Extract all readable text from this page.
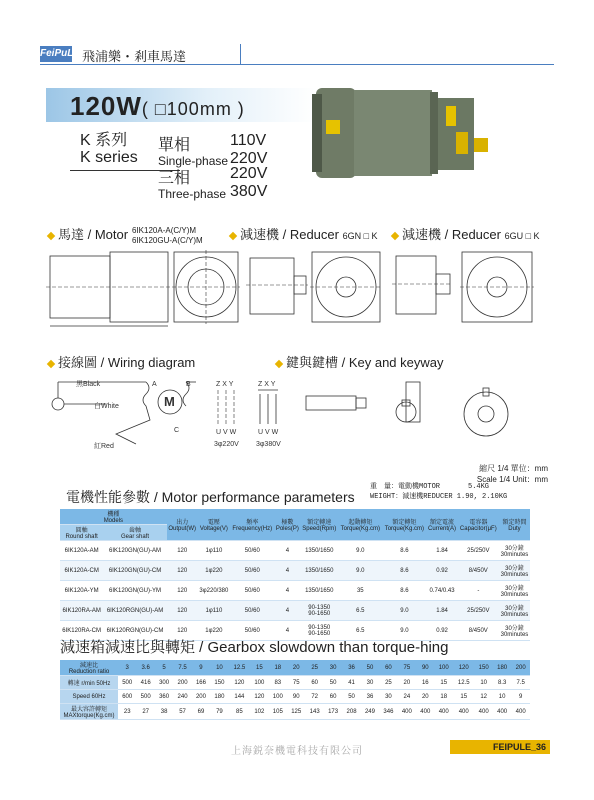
FeiPuLe 飛浦樂・剎車馬達
120W( □100mm )
K 系列
K series
單相 110V
Single-phase 220V
三相 220V
Three-phase 380V
馬達 / Motor 6IK120A-A(C/Y)M
6IK120GU-A(C/Y)M	減速機 / Reducer 6GN □ K	減速機 / Reducer 6GU □ K
接線圖 / Wiring diagram	鍵與鍵槽 / Key and keyway
M
黑Black
白White
紅Red
A	B
C
Z X Y
U V W
3φ220V
Z X Y
U V W
3φ380V
縮尺 1/4 單位：mm
Scale 1/4 Unit：mm
重　量：電動機MOTOR　　　　5.4KG
WEIGHT：減速機REDUCER 1.90, 2.10KG
電機性能參數 / Motor performance parameters
機種
Models		出力
Output(W)	電壓
Voltage(V)	頻率
Frequency(Hz)	極數
Poles(P)	額定轉速
Speed(Rpm)	起動轉矩
Torque(Kg.cm)	額定轉矩
Torque(Kg.cm)	額定電流
Current(A)	電容器
Capacitor(μF)	額定時間
Duty
圓軸
Round shaft	齒軸
Gear shaft										
6IK120A-AM	6IK120GN(GU)-AM	120	1φ110	50/60	4	1350/1650	9.0	8.6	1.84	25/250V	30分鐘
30minutes
6IK120A-CM	6IK120GN(GU)-CM	120	1φ220	50/60	4	1350/1650	9.0	8.6	0.92	8/450V	30分鐘
30minutes
6IK120A-YM	6IK120GN(GU)-YM	120	3φ220/380	50/60	4	1350/1650	35	8.6	0.74/0.43	-	30分鐘
30minutes
6IK120RA-AM	6IK120RGN(GU)-AM	120	1φ110	50/60	4	90-1350
90-1650	6.5	9.0	1.84	25/250V	30分鐘
30minutes
6IK120RA-CM	6IK120RGN(GU)-CM	120	1φ220	50/60	4	90-1350
90-1650	6.5	9.0	0.92	8/450V	30分鐘
30minutes
減速箱減速比與轉矩 / Gearbox slowdown than torque-hing
減速比
Reduction ratio	3	3.6	5	7.5	9	10	12.5	15	18	20	25	30	36	50	60	75	90	100	120	150	180	200
轉速 r/min 50Hz	500	416	300	200	166	150	120	100	83	75	60	50	41	30	25	20	16	15	12.5	10	8.3	7.5
Speed 60Hz	600	500	360	240	200	180	144	120	100	90	72	60	50	36	30	24	20	18	15	12	10	9
最大容許轉矩
MAXtorque(Kg.cm)	23	27	38	57	69	79	85	102	105	125	143	173	208	249	346	400	400	400	400	400	400	400
上海鋭奈機電科技有限公司	FEIPULE_36
